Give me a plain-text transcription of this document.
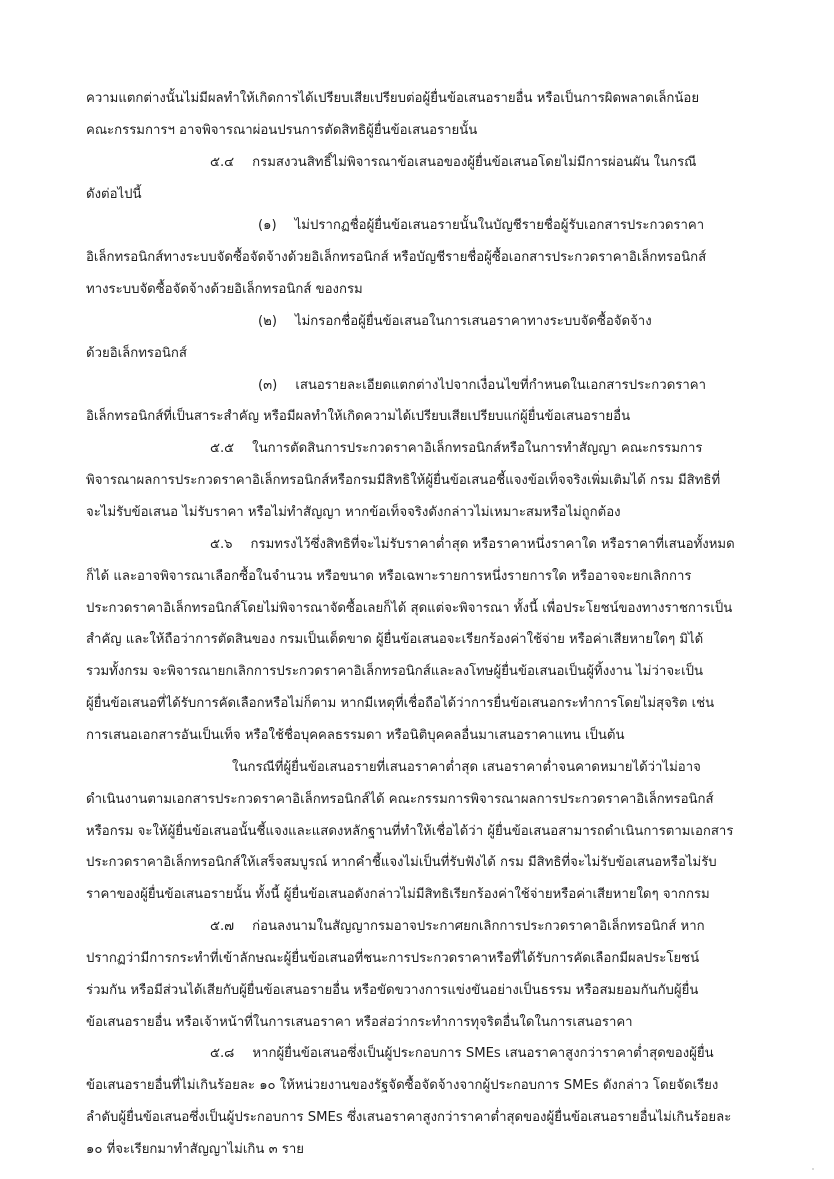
ความแตกต่างนั้นไม่มีผลทำให้เกิดการได้เปรียบเสียเปรียบต่อผู้ยื่นข้อเสนอรายอื่น หรือเป็นการผิดพลาดเล็กน้อย
คณะกรรมการฯ อาจพิจารณาผ่อนปรนการตัดสิทธิผู้ยื่นข้อเสนอรายนั้น
๕.๔ กรมสงวนสิทธิ์ไม่พิจารณาข้อเสนอของผู้ยื่นข้อเสนอโดยไม่มีการผ่อนผัน ในกรณี
ดังต่อไปนี้
(๑) ไม่ปรากฏชื่อผู้ยื่นข้อเสนอรายนั้นในบัญชีรายชื่อผู้รับเอกสารประกวดราคา
อิเล็กทรอนิกส์ทางระบบจัดซื้อจัดจ้างด้วยอิเล็กทรอนิกส์ หรือบัญชีรายชื่อผู้ซื้อเอกสารประกวดราคาอิเล็กทรอนิกส์
ทางระบบจัดซื้อจัดจ้างด้วยอิเล็กทรอนิกส์ ของกรม
(๒) ไม่กรอกชื่อผู้ยื่นข้อเสนอในการเสนอราคาทางระบบจัดซื้อจัดจ้าง
ด้วยอิเล็กทรอนิกส์
(๓) เสนอรายละเอียดแตกต่างไปจากเงื่อนไขที่กำหนดในเอกสารประกวดราคา
อิเล็กทรอนิกส์ที่เป็นสาระสำคัญ หรือมีผลทำให้เกิดความได้เปรียบเสียเปรียบแก่ผู้ยื่นข้อเสนอรายอื่น
๕.๕ ในการตัดสินการประกวดราคาอิเล็กทรอนิกส์หรือในการทำสัญญา คณะกรรมการ
พิจารณาผลการประกวดราคาอิเล็กทรอนิกส์หรือกรมมีสิทธิให้ผู้ยื่นข้อเสนอชี้แจงข้อเท็จจริงเพิ่มเติมได้ กรม มีสิทธิที่
จะไม่รับข้อเสนอ ไม่รับราคา หรือไม่ทำสัญญา หากข้อเท็จจริงดังกล่าวไม่เหมาะสมหรือไม่ถูกต้อง
๕.๖ กรมทรงไว้ซึ่งสิทธิที่จะไม่รับราคาต่ำสุด หรือราคาหนึ่งราคาใด หรือราคาที่เสนอทั้งหมด
ก็ได้ และอาจพิจารณาเลือกซื้อในจำนวน หรือขนาด หรือเฉพาะรายการหนึ่งรายการใด หรืออาจจะยกเลิกการ
ประกวดราคาอิเล็กทรอนิกส์โดยไม่พิจารณาจัดซื้อเลยก็ได้ สุดแต่จะพิจารณา ทั้งนี้ เพื่อประโยชน์ของทางราชการเป็น
สำคัญ และให้ถือว่าการตัดสินของ กรมเป็นเด็ดขาด ผู้ยื่นข้อเสนอจะเรียกร้องค่าใช้จ่าย หรือค่าเสียหายใดๆ มิได้
รวมทั้งกรม จะพิจารณายกเลิกการประกวดราคาอิเล็กทรอนิกส์และลงโทษผู้ยื่นข้อเสนอเป็นผู้ทิ้งงาน ไม่ว่าจะเป็น
ผู้ยื่นข้อเสนอที่ได้รับการคัดเลือกหรือไม่ก็ตาม หากมีเหตุที่เชื่อถือได้ว่าการยื่นข้อเสนอกระทำการโดยไม่สุจริต เช่น
การเสนอเอกสารอันเป็นเท็จ หรือใช้ชื่อบุคคลธรรมดา หรือนิติบุคคลอื่นมาเสนอราคาแทน เป็นต้น
ในกรณีที่ผู้ยื่นข้อเสนอรายที่เสนอราคาต่ำสุด เสนอราคาต่ำจนคาดหมายได้ว่าไม่อาจ
ดำเนินงานตามเอกสารประกวดราคาอิเล็กทรอนิกส์ได้ คณะกรรมการพิจารณาผลการประกวดราคาอิเล็กทรอนิกส์
หรือกรม จะให้ผู้ยื่นข้อเสนอนั้นชี้แจงและแสดงหลักฐานที่ทำให้เชื่อได้ว่า ผู้ยื่นข้อเสนอสามารถดำเนินการตามเอกสาร
ประกวดราคาอิเล็กทรอนิกส์ให้เสร็จสมบูรณ์ หากคำชี้แจงไม่เป็นที่รับฟังได้ กรม มีสิทธิที่จะไม่รับข้อเสนอหรือไม่รับ
ราคาของผู้ยื่นข้อเสนอรายนั้น ทั้งนี้ ผู้ยื่นข้อเสนอดังกล่าวไม่มีสิทธิเรียกร้องค่าใช้จ่ายหรือค่าเสียหายใดๆ จากกรม
๕.๗ ก่อนลงนามในสัญญากรมอาจประกาศยกเลิกการประกวดราคาอิเล็กทรอนิกส์ หาก
ปรากฏว่ามีการกระทำที่เข้าลักษณะผู้ยื่นข้อเสนอที่ชนะการประกวดราคาหรือที่ได้รับการคัดเลือกมีผลประโยชน์
ร่วมกัน หรือมีส่วนได้เสียกับผู้ยื่นข้อเสนอรายอื่น หรือขัดขวางการแข่งขันอย่างเป็นธรรม หรือสมยอมกันกับผู้ยื่น
ข้อเสนอรายอื่น หรือเจ้าหน้าที่ในการเสนอราคา หรือส่อว่ากระทำการทุจริตอื่นใดในการเสนอราคา
๕.๘ หากผู้ยื่นข้อเสนอซึ่งเป็นผู้ประกอบการ SMEs เสนอราคาสูงกว่าราคาต่ำสุดของผู้ยื่น
ข้อเสนอรายอื่นที่ไม่เกินร้อยละ ๑๐ ให้หน่วยงานของรัฐจัดซื้อจัดจ้างจากผู้ประกอบการ SMEs ดังกล่าว โดยจัดเรียง
ลำดับผู้ยื่นข้อเสนอซึ่งเป็นผู้ประกอบการ SMEs ซึ่งเสนอราคาสูงกว่าราคาต่ำสุดของผู้ยื่นข้อเสนอรายอื่นไม่เกินร้อยละ
๑๐ ที่จะเรียกมาทำสัญญาไม่เกิน ๓ ราย
